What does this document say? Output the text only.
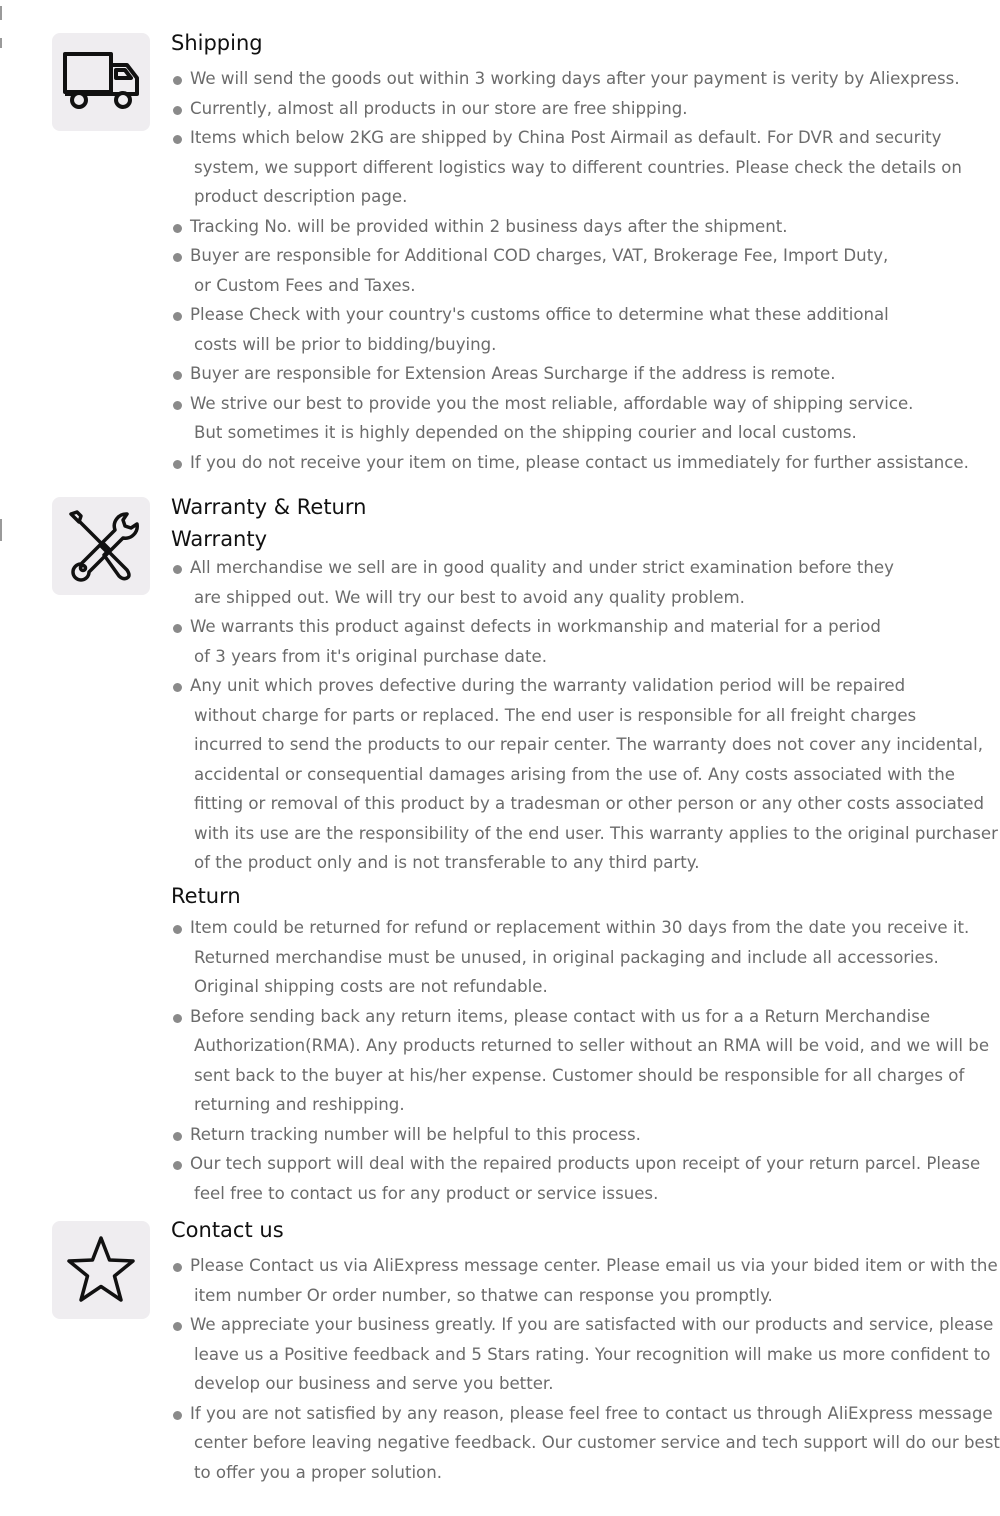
Shipping
We will send the goods out within 3 working days after your payment is verity by Aliexpress.
Currently, almost all products in our store are free shipping.
Items which below 2KG are shipped by China Post Airmail as default. For DVR and security
system, we support different logistics way to different countries. Please check the details on
product description page.
Tracking No. will be provided within 2 business days after the shipment.
Buyer are responsible for Additional COD charges, VAT, Brokerage Fee, Import Duty,
or Custom Fees and Taxes.
Please Check with your country's customs office to determine what these additional
costs will be prior to bidding/buying.
Buyer are responsible for Extension Areas Surcharge if the address is remote.
We strive our best to provide you the most reliable, affordable way of shipping service.
But sometimes it is highly depended on the shipping courier and local customs.
If you do not receive your item on time, please contact us immediately for further assistance.
Warranty & Return
Warranty
All merchandise we sell are in good quality and under strict examination before they
are shipped out. We will try our best to avoid any quality problem.
We warrants this product against defects in workmanship and material for a period
of 3 years from it's original purchase date.
Any unit which proves defective during the warranty validation period will be repaired
without charge for parts or replaced. The end user is responsible for all freight charges
incurred to send the products to our repair center. The warranty does not cover any incidental,
accidental or consequential damages arising from the use of. Any costs associated with the
fitting or removal of this product by a tradesman or other person or any other costs associated
with its use are the responsibility of the end user. This warranty applies to the original purchaser
of the product only and is not transferable to any third party.
Return
Item could be returned for refund or replacement within 30 days from the date you receive it.
Returned merchandise must be unused, in original packaging and include all accessories.
Original shipping costs are not refundable.
Before sending back any return items, please contact with us for a a Return Merchandise
Authorization(RMA). Any products returned to seller without an RMA will be void, and we will be
sent back to the buyer at his/her expense. Customer should be responsible for all charges of
returning and reshipping.
Return tracking number will be helpful to this process.
Our tech support will deal with the repaired products upon receipt of your return parcel. Please
feel free to contact us for any product or service issues.
Contact us
Please Contact us via AliExpress message center. Please email us via your bided item or with the
item number Or order number, so thatwe can response you promptly.
We appreciate your business greatly. If you are satisfacted with our products and service, please
leave us a Positive feedback and 5 Stars rating. Your recognition will make us more confident to
develop our business and serve you better.
If you are not satisfied by any reason, please feel free to contact us through AliExpress message
center before leaving negative feedback. Our customer service and tech support will do our best
to offer you a proper solution.
